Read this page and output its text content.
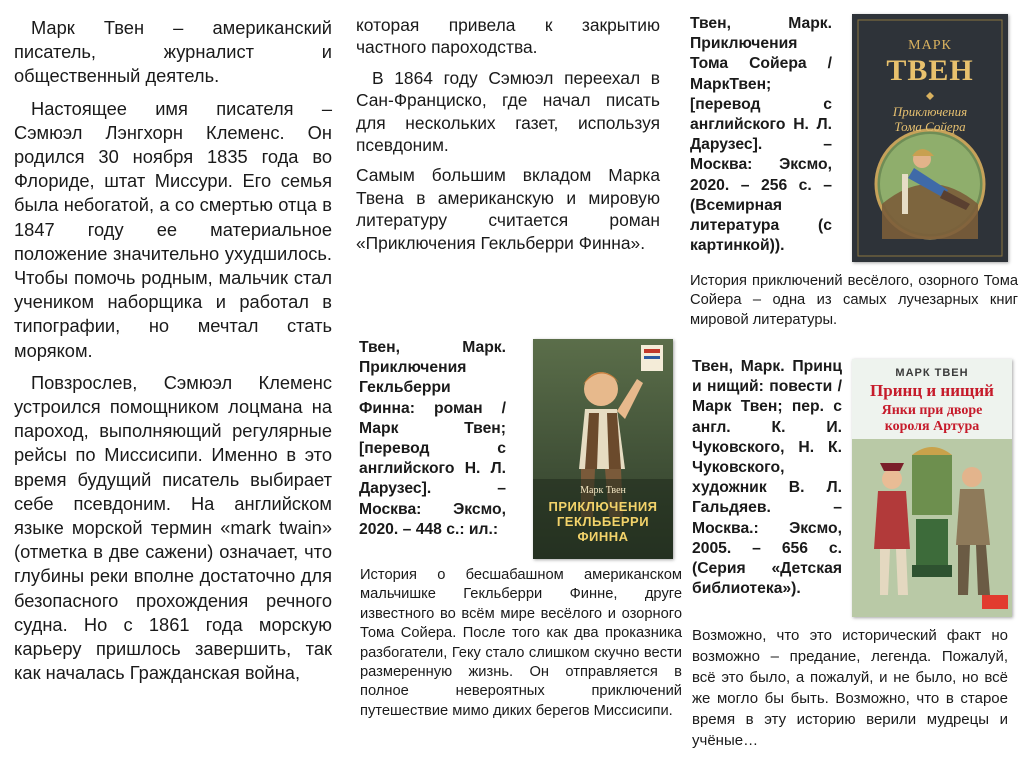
Марк Твен – американский писатель, журналист и общественный деятель.

Настоящее имя писателя – Сэмюэл Лэнгхорн Клеменс. Он родился 30 ноября 1835 года во Флориде, штат Миссури. Его семья была небогатой, а со смертью отца в 1847 году ее материальное положение значительно ухудшилось. Чтобы помочь родным, мальчик стал учеником наборщика и работал в типографии, но мечтал стать моряком.

Повзрослев, Сэмюэл Клеменс устроился помощником лоцмана на пароход, выполняющий регулярные рейсы по Миссисипи. Именно в это время будущий писатель выбирает себе псевдоним. На английском языке морской термин «mark twain» (отметка в две сажени) означает, что глубины реки вполне достаточно для безопасного прохождения речного судна. Но с 1861 года морскую карьеру пришлось завершить, так как началась Гражданская война,

которая привела к закрытию частного пароходства.

В 1864 году Сэмюэл переехал в Сан-Франциско, где начал писать для нескольких газет, используя псевдоним.

Самым большим вкладом Марка Твена в американскую и мировую литературу считается роман «Приключения Гекльберри Финна».

Твен, Марк. Приключения Гекльберри Финна: роман / Марк Твен; [перевод с английского Н. Л. Дарузес]. – Москва: Эксмо, 2020. – 448 с.: ил.:

Марк Твен
ПРИКЛЮЧЕНИЯ
ГЕКЛЬБЕРРИ
ФИННА

История о бесшабашном американском мальчишке Гекльберри Финне, друге известного во всём мире весёлого и озорного Тома Сойера. После того как два проказника разбогатели, Геку стало слишком скучно вести размеренную жизнь. Он отправляется в полное невероятных приключений путешествие мимо диких берегов Миссисипи.

Твен, Марк. Приключения Тома Сойера / МаркТвен; [перевод с английского Н. Л. Дарузес]. – Москва: Эксмо, 2020. – 256 с. – (Всемирная литература (с картинкой)).

МАРК
ТВЕН
Приключения
Тома Сойера

История приключений весёлого, озорного Тома Сойера – одна из самых лучезарных книг мировой литературы.

Твен, Марк. Принц и нищий: повести / Марк Твен; пер. с англ. К. И. Чуковского, Н. К. Чуковского, художник В. Л. Гальдяев. – Москва.: Эксмо, 2005. – 656 с. (Серия «Детская библиотека»).

МАРК ТВЕН
Принц и нищий
Янки при дворе
короля Артура

Возможно, что это исторический факт но возможно – предание, легенда. Пожалуй, всё это было, а пожалуй, и не было, но всё же могло бы быть. Возможно, что в старое время в эту историю верили мудрецы и учёные…
